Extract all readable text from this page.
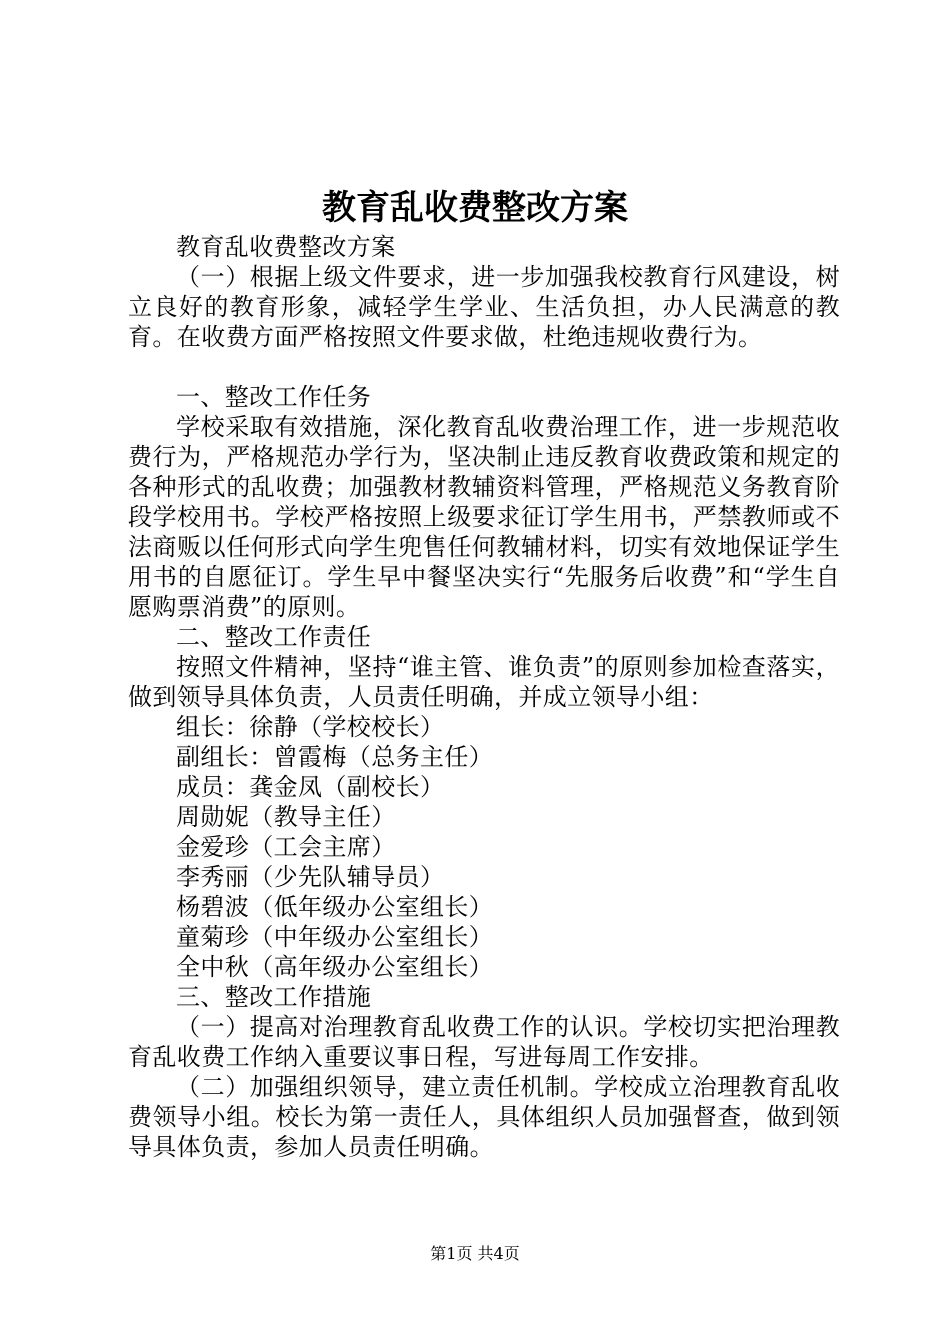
教育乱收费整改方案

教育乱收费整改方案

（一）根据上级文件要求，进一步加强我校教育行风建设，树立良好的教育形象，减轻学生学业、生活负担，办人民满意的教育。在收费方面严格按照文件要求做，杜绝违规收费行为。

一、整改工作任务

学校采取有效措施，深化教育乱收费治理工作，进一步规范收费行为，严格规范办学行为，坚决制止违反教育收费政策和规定的各种形式的乱收费；加强教材教辅资料管理，严格规范义务教育阶段学校用书。学校严格按照上级要求征订学生用书，严禁教师或不法商贩以任何形式向学生兜售任何教辅材料，切实有效地保证学生用书的自愿征订。学生早中餐坚决实行“先服务后收费”和“学生自愿购票消费”的原则。

二、整改工作责任

按照文件精神，坚持“谁主管、谁负责”的原则参加检查落实，做到领导具体负责，人员责任明确，并成立领导小组：

组长：徐静（学校校长）

副组长：曾霞梅（总务主任）

成员：龚金凤（副校长）

周勋妮（教导主任）

金爱珍（工会主席）

李秀丽（少先队辅导员）

杨碧波（低年级办公室组长）

童菊珍（中年级办公室组长）

全中秋（高年级办公室组长）

三、整改工作措施

（一）提高对治理教育乱收费工作的认识。学校切实把治理教育乱收费工作纳入重要议事日程，写进每周工作安排。

（二）加强组织领导，建立责任机制。学校成立治理教育乱收费领导小组。校长为第一责任人，具体组织人员加强督查，做到领导具体负责，参加人员责任明确。

第1页 共4页
